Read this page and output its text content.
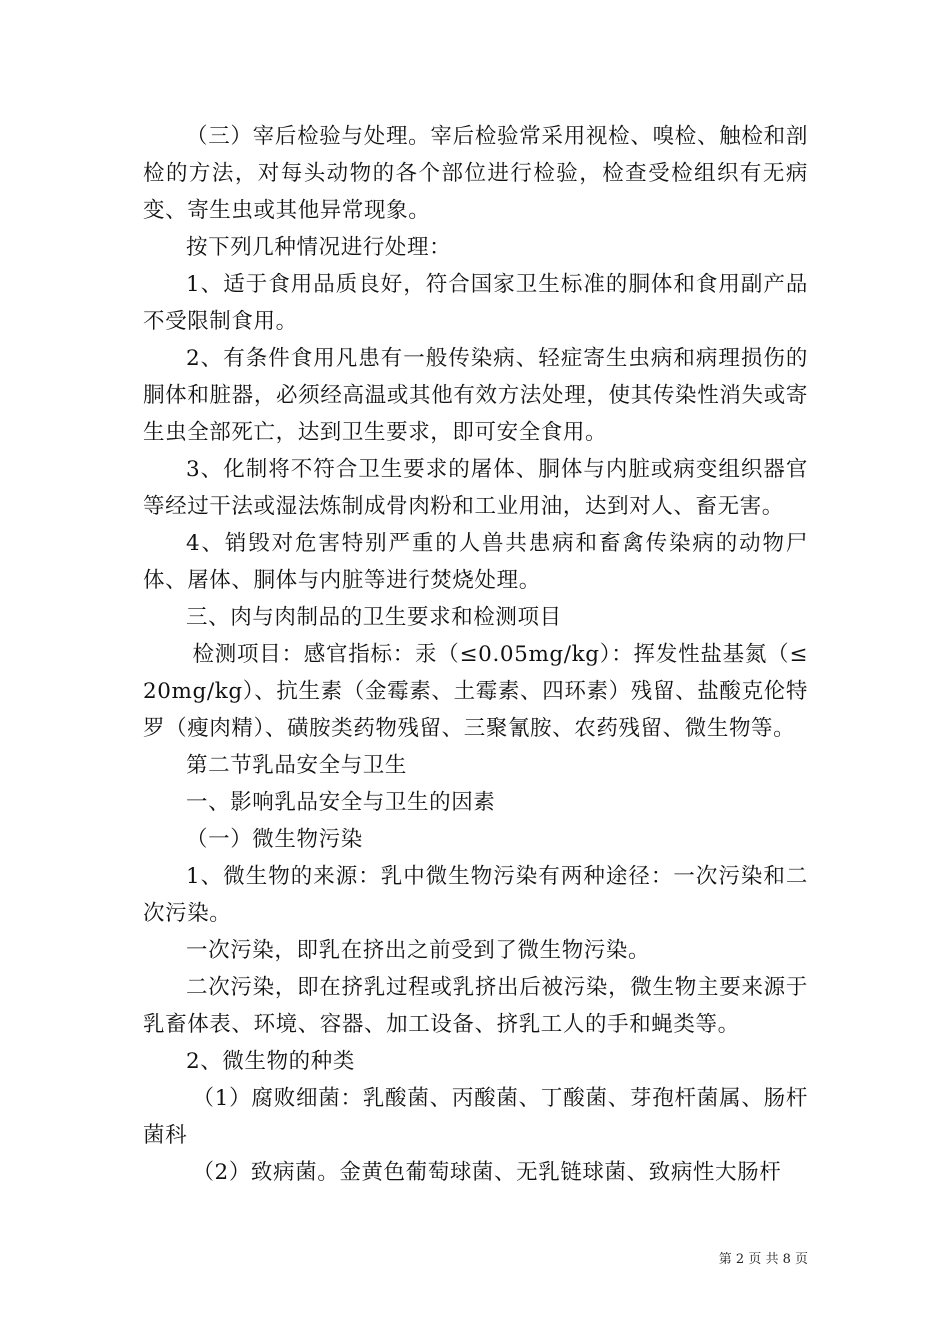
（三）宰后检验与处理。宰后检验常采用视检、嗅检、触检和剖检的方法，对每头动物的各个部位进行检验，检查受检组织有无病变、寄生虫或其他异常现象。

按下列几种情况进行处理：

1、适于食用品质良好，符合国家卫生标准的胴体和食用副产品不受限制食用。

2、有条件食用凡患有一般传染病、轻症寄生虫病和病理损伤的胴体和脏器，必须经高温或其他有效方法处理，使其传染性消失或寄生虫全部死亡，达到卫生要求，即可安全食用。

3、化制将不符合卫生要求的屠体、胴体与内脏或病变组织器官等经过干法或湿法炼制成骨肉粉和工业用油，达到对人、畜无害。

4、销毁对危害特别严重的人兽共患病和畜禽传染病的动物尸体、屠体、胴体与内脏等进行焚烧处理。

三、肉与肉制品的卫生要求和检测项目

检测项目：感官指标：汞（≤0.05mg/kg）：挥发性盐基氮（≤20mg/kg）、抗生素（金霉素、土霉素、四环素）残留、盐酸克伦特罗（瘦肉精）、磺胺类药物残留、三聚氰胺、农药残留、微生物等。

第二节乳品安全与卫生

一、影响乳品安全与卫生的因素

（一）微生物污染

1、微生物的来源：乳中微生物污染有两种途径：一次污染和二次污染。

一次污染，即乳在挤出之前受到了微生物污染。

二次污染，即在挤乳过程或乳挤出后被污染，微生物主要来源于乳畜体表、环境、容器、加工设备、挤乳工人的手和蝇类等。

2、微生物的种类

（1）腐败细菌：乳酸菌、丙酸菌、丁酸菌、芽孢杆菌属、肠杆菌科

（2）致病菌。金黄色葡萄球菌、无乳链球菌、致病性大肠杆

第 2 页 共 8 页
